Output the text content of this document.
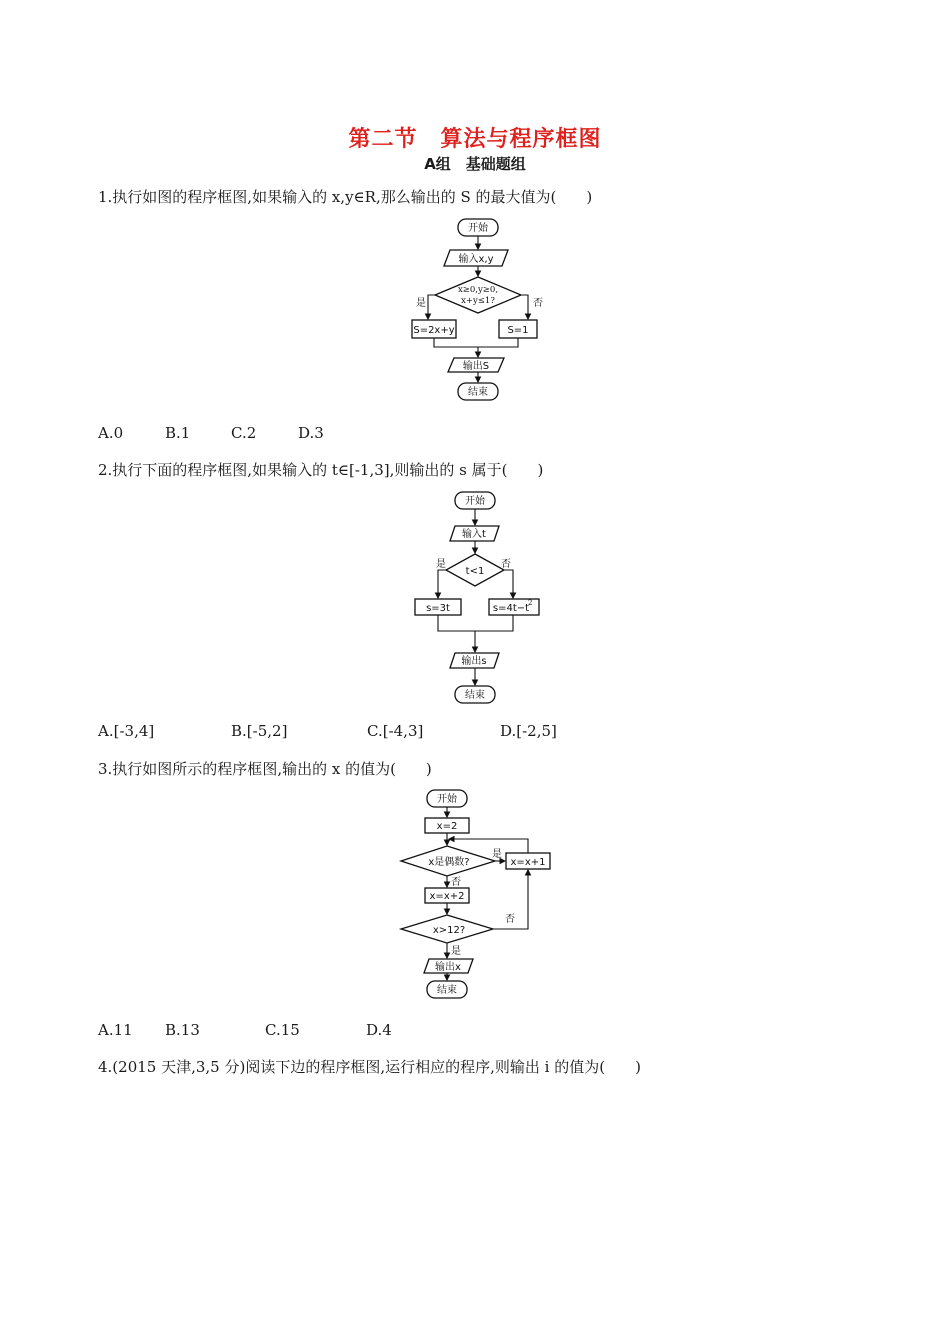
第二节　算法与程序框图
A组　基础题组
1.执行如图的程序框图,如果输入的 x,y∈R,那么输出的 S 的最大值为(　　)
开始
输入x,y
x≥0,y≥0,
x+y≤1?
是	否
S=2x+y	S=1
输出S
结束
A.0	B.1	C.2	D.3
2.执行下面的程序框图,如果输入的 t∈[-1,3],则输出的 s 属于(　　)
开始
输入t
t<1
是	否
s=3t	s=4t−t
2
输出s
结束
A.[-3,4]	B.[-5,2]	C.[-4,3]	D.[-2,5]
3.执行如图所示的程序框图,输出的 x 的值为(　　)
开始
x=2
x是偶数?
是
x=x+1
否
x=x+2
x>12?
否
是
输出x
结束
A.11 B.13	C.15	D.4
4.(2015 天津,3,5 分)阅读下边的程序框图,运行相应的程序,则输出 i 的值为(　　)
